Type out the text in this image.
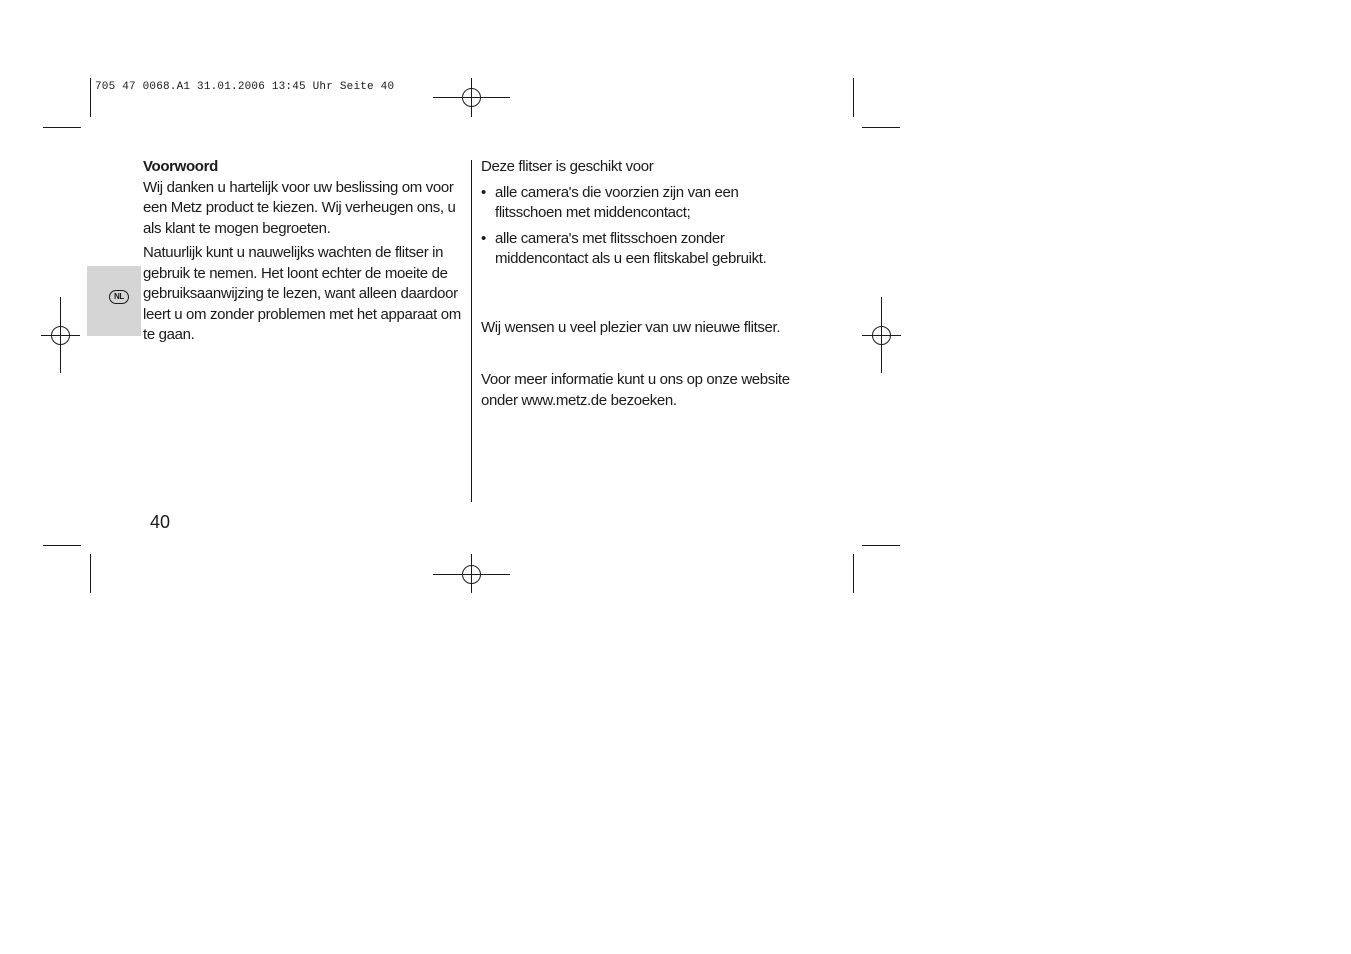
705 47 0068.A1 31.01.2006 13:45 Uhr Seite 40
NL
Voorwoord

Wij danken u hartelijk voor uw beslissing om voor een Metz product te kiezen. Wij verheugen ons, u als klant te mogen begroeten.

Natuurlijk kunt u nauwelijks wachten de flitser in gebruik te nemen. Het loont echter de moeite de gebruiksaanwijzing te lezen, want alleen daardoor leert u om zonder problemen met het apparaat om te gaan.

Deze flitser is geschikt voor

• alle camera's die voorzien zijn van een flitsschoen met middencontact;
• alle camera's met flitsschoen zonder middencontact als u een flitskabel gebruikt.

Wij wensen u veel plezier van uw nieuwe flitser.

Voor meer informatie kunt u ons op onze website onder www.metz.de bezoeken.

40
